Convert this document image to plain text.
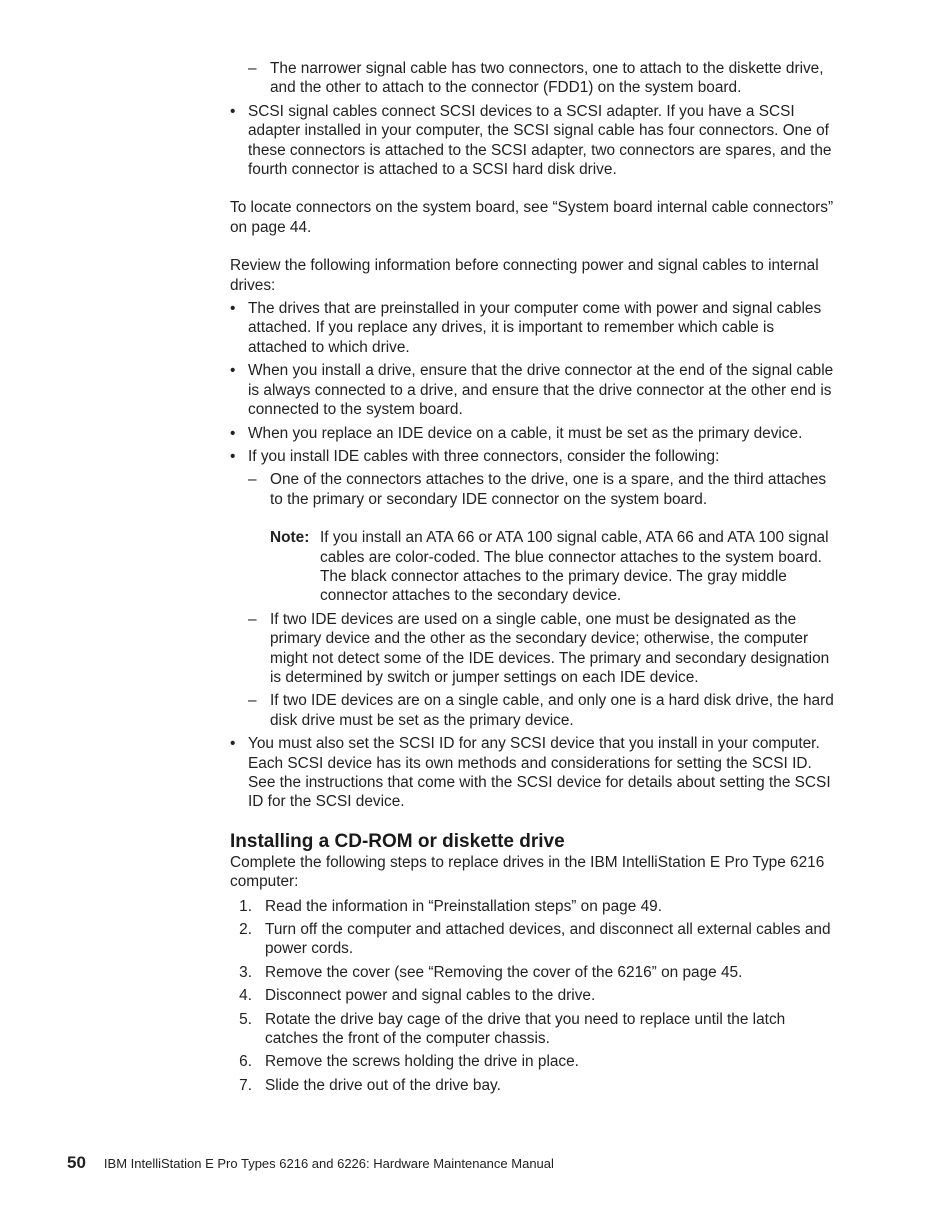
– The narrower signal cable has two connectors, one to attach to the diskette drive, and the other to attach to the connector (FDD1) on the system board.
• SCSI signal cables connect SCSI devices to a SCSI adapter. If you have a SCSI adapter installed in your computer, the SCSI signal cable has four connectors. One of these connectors is attached to the SCSI adapter, two connectors are spares, and the fourth connector is attached to a SCSI hard disk drive.

To locate connectors on the system board, see “System board internal cable connectors” on page 44.

Review the following information before connecting power and signal cables to internal drives:

• The drives that are preinstalled in your computer come with power and signal cables attached. If you replace any drives, it is important to remember which cable is attached to which drive.
• When you install a drive, ensure that the drive connector at the end of the signal cable is always connected to a drive, and ensure that the drive connector at the other end is connected to the system board.
• When you replace an IDE device on a cable, it must be set as the primary device.
• If you install IDE cables with three connectors, consider the following:
– One of the connectors attaches to the drive, one is a spare, and the third attaches to the primary or secondary IDE connector on the system board.
Note: If you install an ATA 66 or ATA 100 signal cable, ATA 66 and ATA 100 signal cables are color-coded. The blue connector attaches to the system board. The black connector attaches to the primary device. The gray middle connector attaches to the secondary device.
– If two IDE devices are used on a single cable, one must be designated as the primary device and the other as the secondary device; otherwise, the computer might not detect some of the IDE devices. The primary and secondary designation is determined by switch or jumper settings on each IDE device.
– If two IDE devices are on a single cable, and only one is a hard disk drive, the hard disk drive must be set as the primary device.
• You must also set the SCSI ID for any SCSI device that you install in your computer. Each SCSI device has its own methods and considerations for setting the SCSI ID. See the instructions that come with the SCSI device for details about setting the SCSI ID for the SCSI device.
Installing a CD-ROM or diskette drive

Complete the following steps to replace drives in the IBM IntelliStation E Pro Type 6216 computer:

1. Read the information in “Preinstallation steps” on page 49.
2. Turn off the computer and attached devices, and disconnect all external cables and power cords.
3. Remove the cover (see “Removing the cover of the 6216” on page 45.
4. Disconnect power and signal cables to the drive.
5. Rotate the drive bay cage of the drive that you need to replace until the latch catches the front of the computer chassis.
6. Remove the screws holding the drive in place.
7. Slide the drive out of the drive bay.
50 IBM IntelliStation E Pro Types 6216 and 6226: Hardware Maintenance Manual
